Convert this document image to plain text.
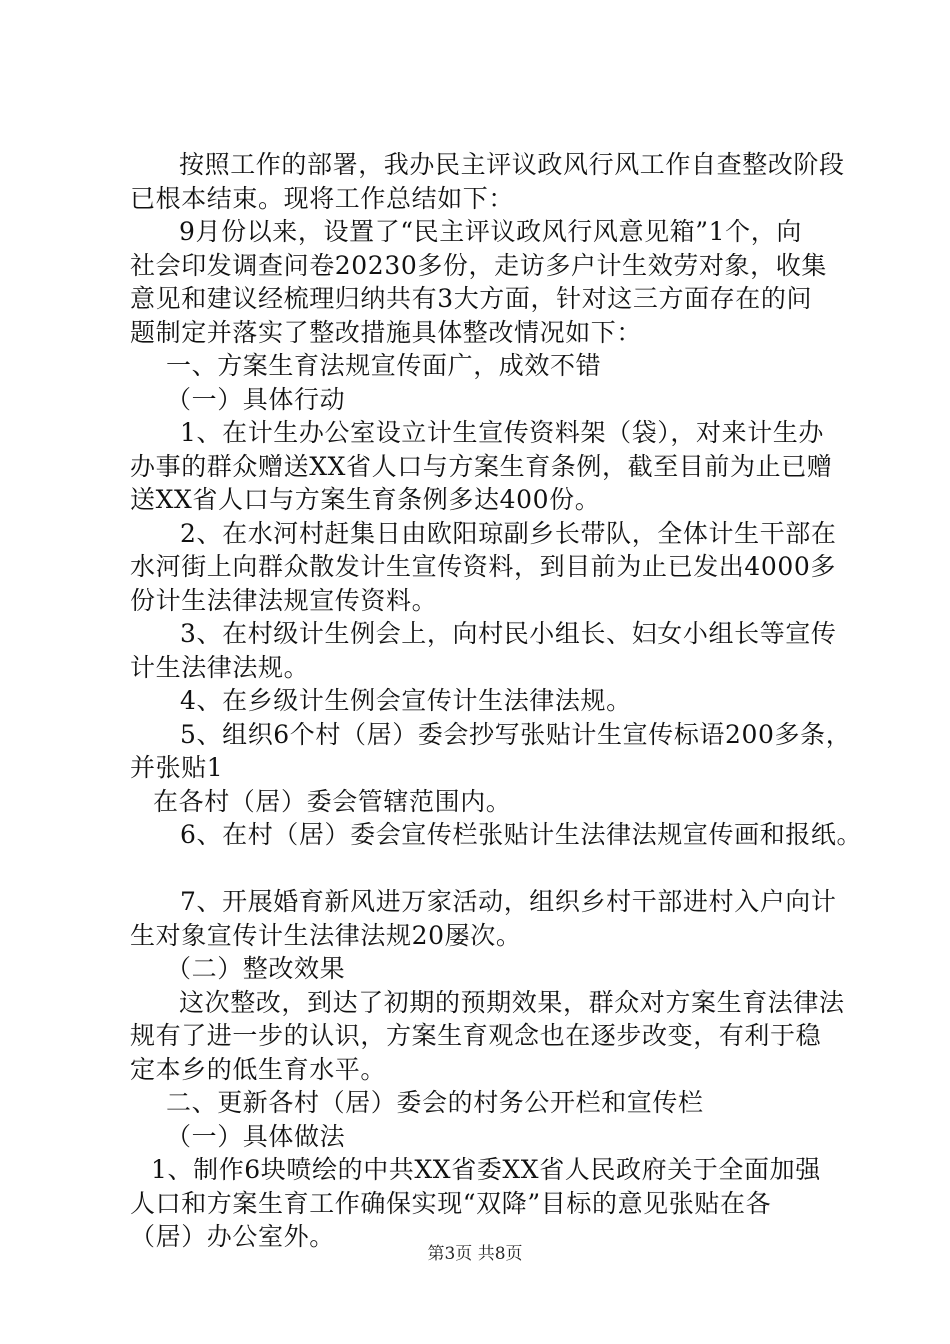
按照工作的部署，我办民主评议政风行风工作自查整改阶段
已根本结束。现将工作总结如下：
9月份以来，设置了“民主评议政风行风意见箱”1个，向
社会印发调查问卷20230多份，走访多户计生效劳对象，收集
意见和建议经梳理归纳共有3大方面，针对这三方面存在的问
题制定并落实了整改措施具体整改情况如下：
一、方案生育法规宣传面广，成效不错
（一）具体行动
1、在计生办公室设立计生宣传资料架（袋），对来计生办
办事的群众赠送XX省人口与方案生育条例，截至目前为止已赠
送XX省人口与方案生育条例多达400份。
2、在水河村赶集日由欧阳琼副乡长带队，全体计生干部在
水河街上向群众散发计生宣传资料，到目前为止已发出4000多
份计生法律法规宣传资料。
3、在村级计生例会上，向村民小组长、妇女小组长等宣传
计生法律法规。
4、在乡级计生例会宣传计生法律法规。
5、组织6个村（居）委会抄写张贴计生宣传标语200多条，
并张贴1
在各村（居）委会管辖范围内。
6、在村（居）委会宣传栏张贴计生法律法规宣传画和报纸。
7、开展婚育新风进万家活动，组织乡村干部进村入户向计
生对象宣传计生法律法规20屡次。
（二）整改效果
这次整改，到达了初期的预期效果，群众对方案生育法律法
规有了进一步的认识，方案生育观念也在逐步改变，有利于稳
定本乡的低生育水平。
二、更新各村（居）委会的村务公开栏和宣传栏
（一）具体做法
1、制作6块喷绘的中共XX省委XX省人民政府关于全面加强
人口和方案生育工作确保实现“双降”目标的意见张贴在各
（居）办公室外。
第3页 共8页
